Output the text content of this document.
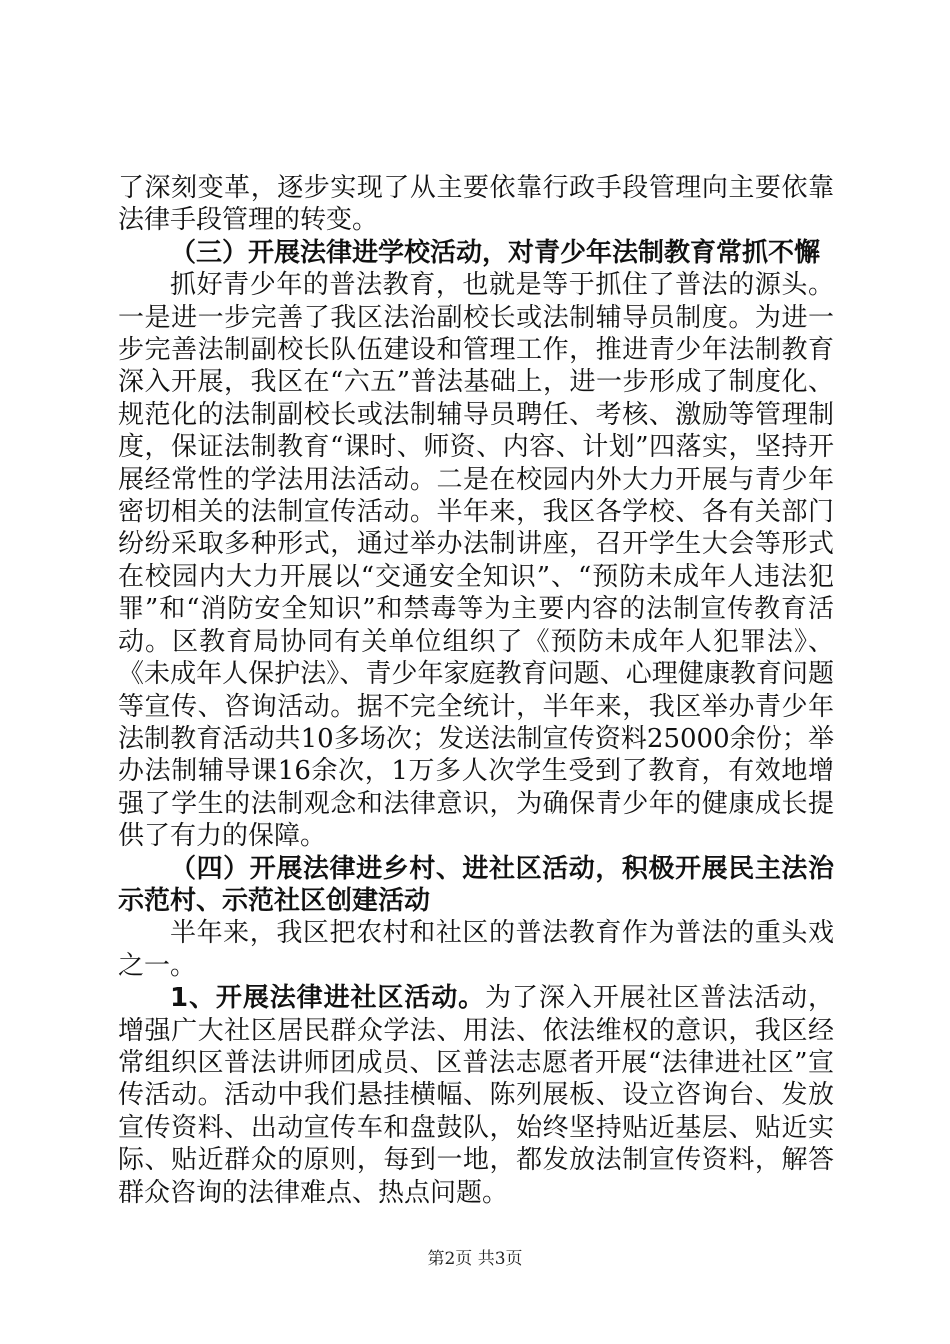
了深刻变革，逐步实现了从主要依靠行政手段管理向主要依靠法律手段管理的转变。

（三）开展法律进学校活动，对青少年法制教育常抓不懈

抓好青少年的普法教育，也就是等于抓住了普法的源头。一是进一步完善了我区法治副校长或法制辅导员制度。为进一步完善法制副校长队伍建设和管理工作，推进青少年法制教育深入开展，我区在“六五”普法基础上，进一步形成了制度化、规范化的法制副校长或法制辅导员聘任、考核、激励等管理制度，保证法制教育“课时、师资、内容、计划”四落实，坚持开展经常性的学法用法活动。二是在校园内外大力开展与青少年密切相关的法制宣传活动。半年来，我区各学校、各有关部门纷纷采取多种形式，通过举办法制讲座，召开学生大会等形式在校园内大力开展以“交通安全知识”、“预防未成年人违法犯罪”和“消防安全知识”和禁毒等为主要内容的法制宣传教育活动。区教育局协同有关单位组织了《预防未成年人犯罪法》、《未成年人保护法》、青少年家庭教育问题、心理健康教育问题等宣传、咨询活动。据不完全统计，半年来，我区举办青少年法制教育活动共10多场次；发送法制宣传资料25000余份；举办法制辅导课16余次，1万多人次学生受到了教育，有效地增强了学生的法制观念和法律意识，为确保青少年的健康成长提供了有力的保障。

（四）开展法律进乡村、进社区活动，积极开展民主法治示范村、示范社区创建活动

半年来，我区把农村和社区的普法教育作为普法的重头戏之一。

1、开展法律进社区活动。为了深入开展社区普法活动，增强广大社区居民群众学法、用法、依法维权的意识，我区经常组织区普法讲师团成员、区普法志愿者开展“法律进社区”宣传活动。活动中我们悬挂横幅、陈列展板、设立咨询台、发放宣传资料、出动宣传车和盘鼓队，始终坚持贴近基层、贴近实际、贴近群众的原则，每到一地，都发放法制宣传资料，解答群众咨询的法律难点、热点问题。

第2页 共3页
